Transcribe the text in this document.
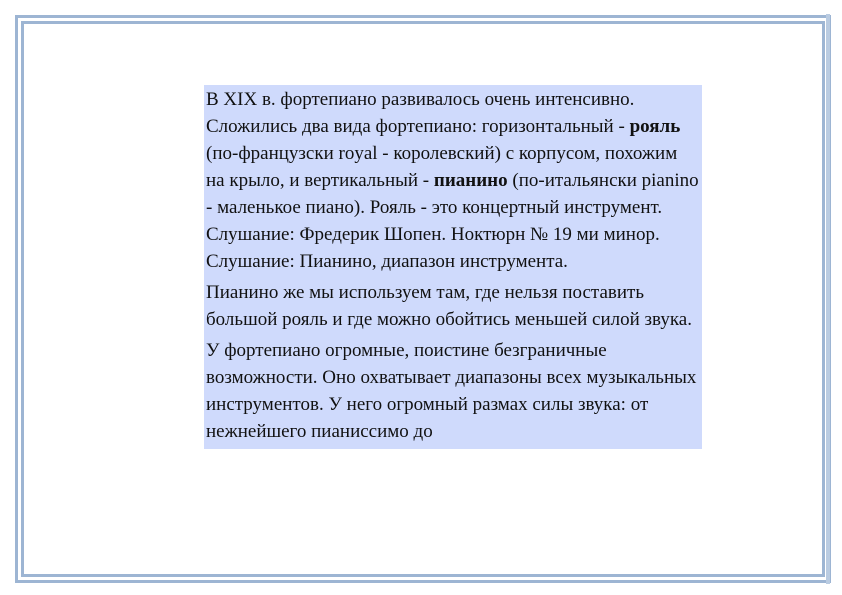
В XIX в. фортепиано развивалось очень интенсивно. Сложились два вида фортепиано: горизонтальный - рояль (по-французски royal - королевский) с корпусом, похожим на крыло, и вертикальный - пианино (по-итальянски pianino - маленькое пиано). Рояль - это концертный инструмент. Слушание: Фредерик Шопен. Ноктюрн № 19 ми минор.

Слушание: Пианино, диапазон инструмента.

Пианино же мы используем там, где нельзя поставить большой рояль и где можно обойтись меньшей силой звука.

У фортепиано огромные, поистине безграничные возможности. Оно охватывает диапазоны всех музыкальных инструментов. У него огромный размах силы звука: от нежнейшего пианиссимо до
